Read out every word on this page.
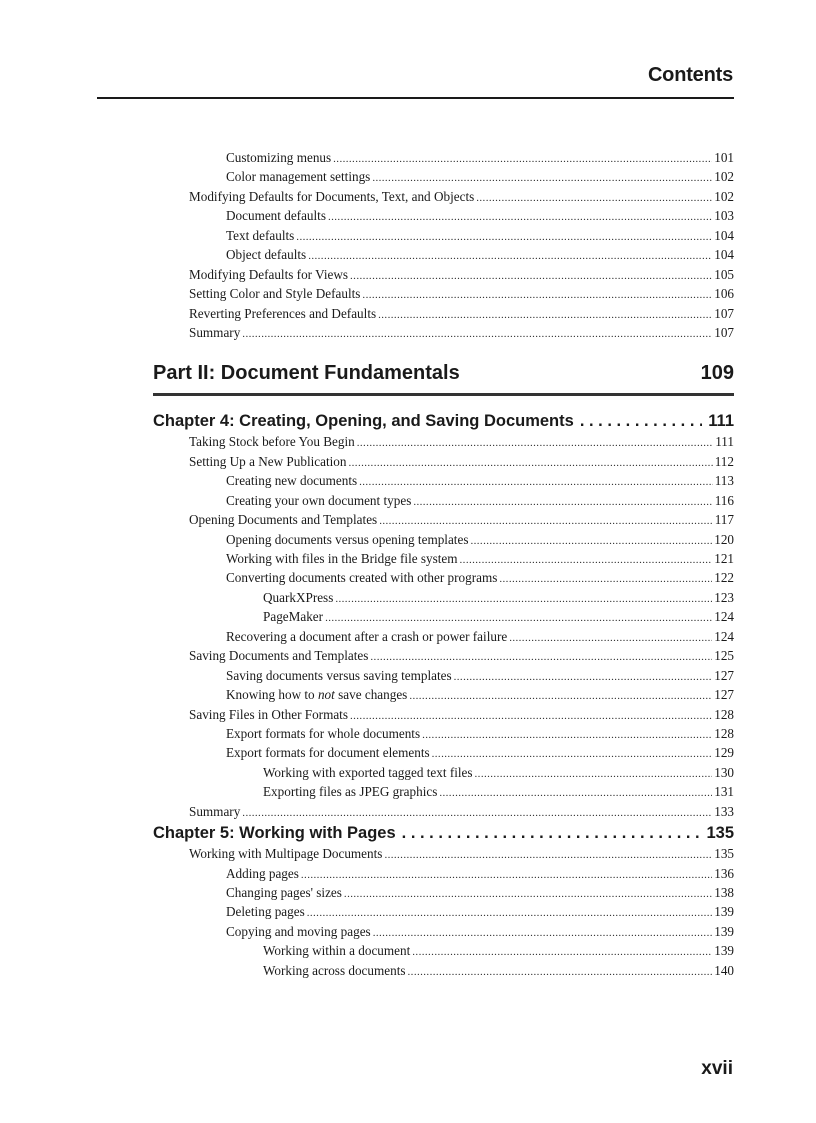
Contents
Customizing menus .....	101
Color management settings .....	102
Modifying Defaults for Documents, Text, and Objects .....	102
Document defaults .....	103
Text defaults .....	104
Object defaults .....	104
Modifying Defaults for Views .....	105
Setting Color and Style Defaults .....	106
Reverting Preferences and Defaults .....	107
Summary .....	107
Part II: Document Fundamentals	109
Chapter 4: Creating, Opening, and Saving Documents . . .	111
Taking Stock before You Begin .....	111
Setting Up a New Publication .....	112
Creating new documents .....	113
Creating your own document types .....	116
Opening Documents and Templates .....	117
Opening documents versus opening templates .....	120
Working with files in the Bridge file system .....	121
Converting documents created with other programs .....	122
QuarkXPress .....	123
PageMaker .....	124
Recovering a document after a crash or power failure .....	124
Saving Documents and Templates .....	125
Saving documents versus saving templates .....	127
Knowing how to not save changes .....	127
Saving Files in Other Formats .....	128
Export formats for whole documents .....	128
Export formats for document elements .....	129
Working with exported tagged text files .....	130
Exporting files as JPEG graphics .....	131
Summary .....	133
Chapter 5: Working with Pages . . .	135
Working with Multipage Documents .....	135
Adding pages .....	136
Changing pages' sizes .....	138
Deleting pages .....	139
Copying and moving pages .....	139
Working within a document .....	139
Working across documents .....	140
xvii
